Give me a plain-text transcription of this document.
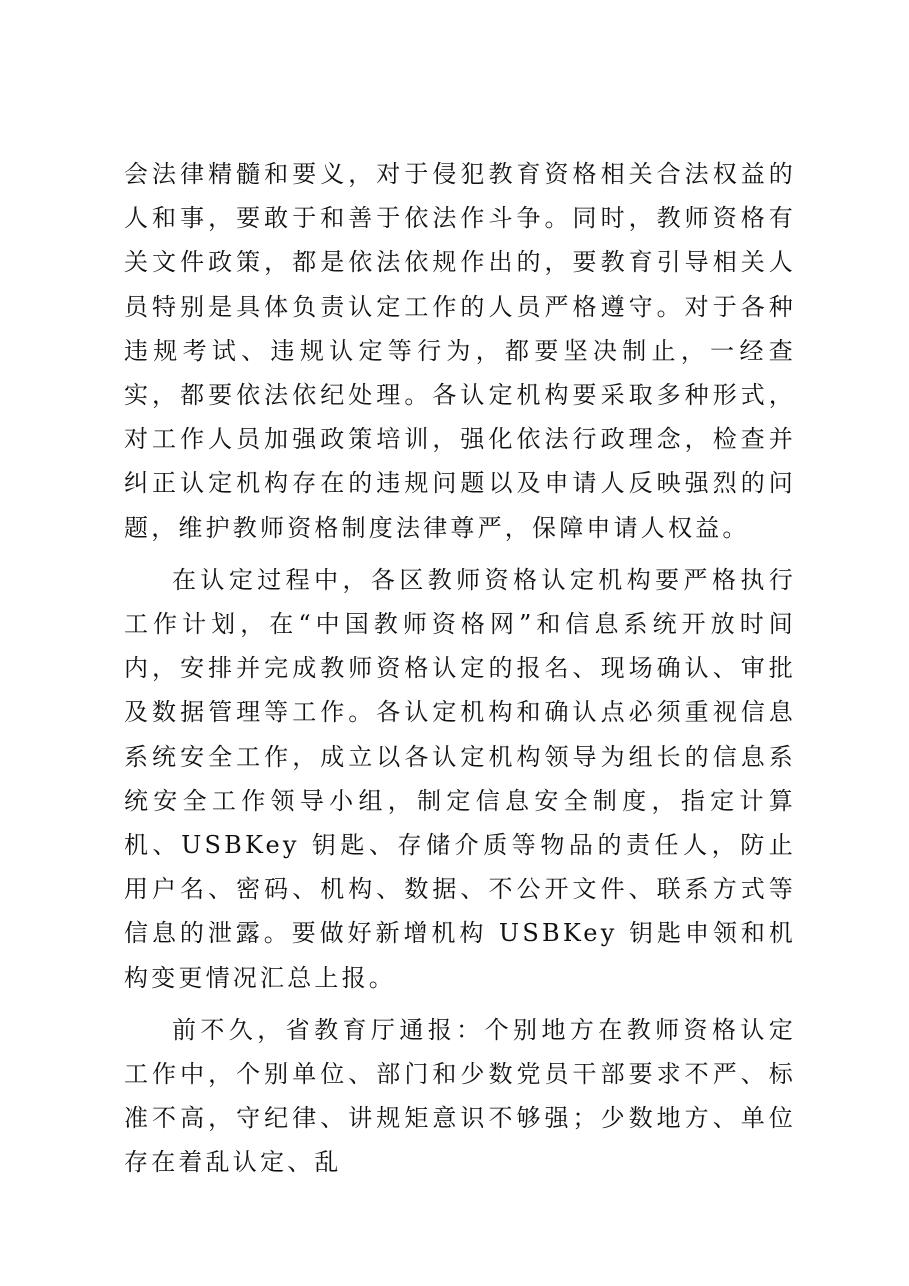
会法律精髓和要义，对于侵犯教育资格相关合法权益的人和事，要敢于和善于依法作斗争。同时，教师资格有关文件政策，都是依法依规作出的，要教育引导相关人员特别是具体负责认定工作的人员严格遵守。对于各种违规考试、违规认定等行为，都要坚决制止，一经查实，都要依法依纪处理。各认定机构要采取多种形式，对工作人员加强政策培训，强化依法行政理念，检查并纠正认定机构存在的违规问题以及申请人反映强烈的问题，维护教师资格制度法律尊严，保障申请人权益。

在认定过程中，各区教师资格认定机构要严格执行工作计划，在“中国教师资格网”和信息系统开放时间内，安排并完成教师资格认定的报名、现场确认、审批及数据管理等工作。各认定机构和确认点必须重视信息系统安全工作，成立以各认定机构领导为组长的信息系统安全工作领导小组，制定信息安全制度，指定计算机、USBKey 钥匙、存储介质等物品的责任人，防止用户名、密码、机构、数据、不公开文件、联系方式等信息的泄露。要做好新增机构 USBKey 钥匙申领和机构变更情况汇总上报。

前不久，省教育厅通报：个别地方在教师资格认定工作中，个别单位、部门和少数党员干部要求不严、标准不高，守纪律、讲规矩意识不够强；少数地方、单位存在着乱认定、乱
